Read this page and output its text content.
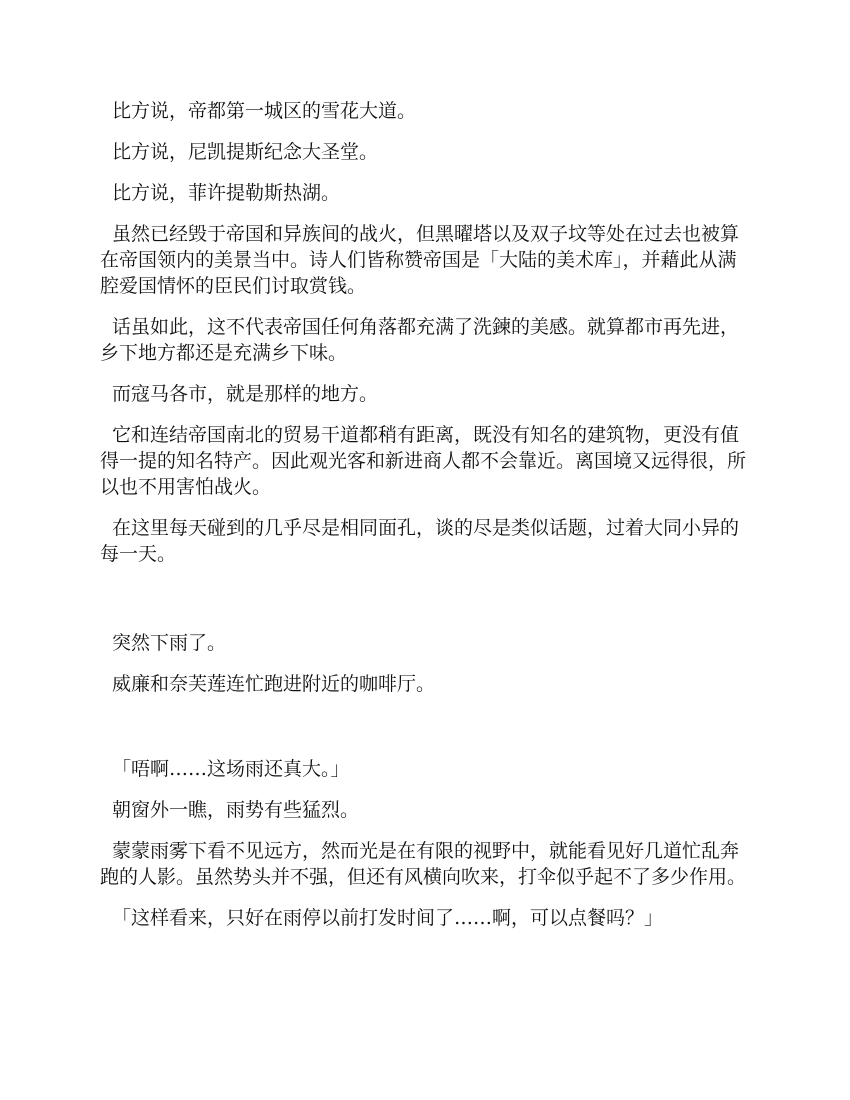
比方说，帝都第一城区的雪花大道。

比方说，尼凯提斯纪念大圣堂。

比方说，菲许提勒斯热湖。

虽然已经毁于帝国和异族间的战火，但黑曜塔以及双子坟等处在过去也被算在帝国领内的美景当中。诗人们皆称赞帝国是「大陆的美术库」，并藉此从满腔爱国情怀的臣民们讨取赏钱。

话虽如此，这不代表帝国任何角落都充满了洗鍊的美感。就算都市再先进，乡下地方都还是充满乡下味。

而寇马各市，就是那样的地方。

它和连结帝国南北的贸易干道都稍有距离，既没有知名的建筑物，更没有值得一提的知名特产。因此观光客和新进商人都不会靠近。离国境又远得很，所以也不用害怕战火。

在这里每天碰到的几乎尽是相同面孔，谈的尽是类似话题，过着大同小异的每一天。

突然下雨了。

威廉和奈芙莲连忙跑进附近的咖啡厅。

「唔啊……这场雨还真大。」

朝窗外一瞧，雨势有些猛烈。

蒙蒙雨雾下看不见远方，然而光是在有限的视野中，就能看见好几道忙乱奔跑的人影。虽然势头并不强，但还有风横向吹来，打伞似乎起不了多少作用。

「这样看来，只好在雨停以前打发时间了……啊，可以点餐吗？」
